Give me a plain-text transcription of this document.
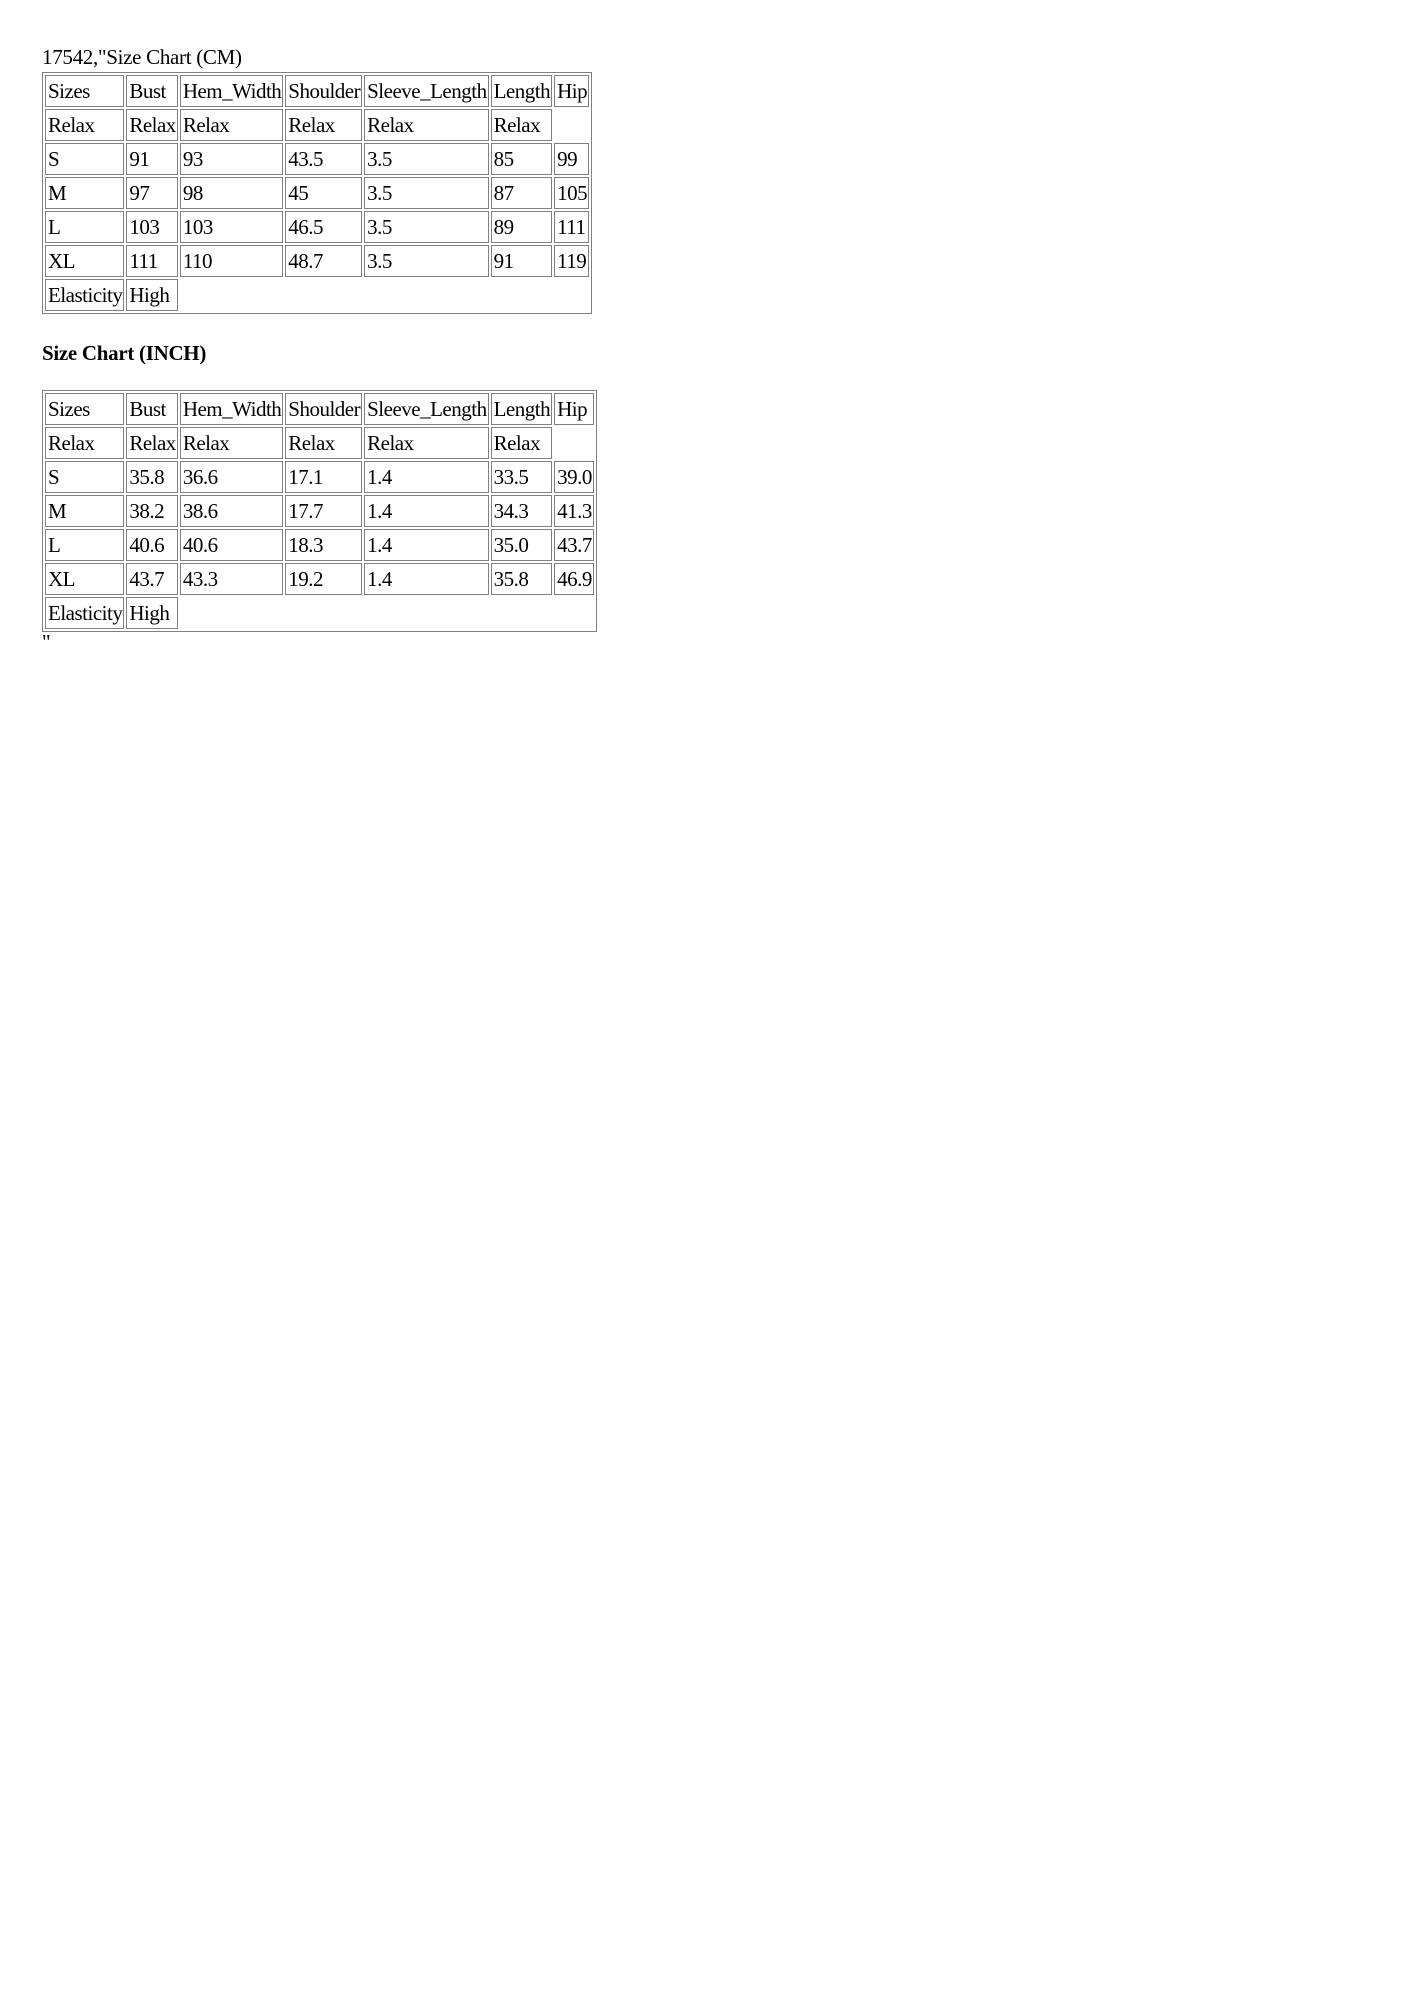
17542,"Size Chart (CM)
Sizes	Bust	Hem_Width	Shoulder	Sleeve_Length	Length	Hip
Relax	Relax	Relax	Relax	Relax	Relax	
S	91	93	43.5	3.5	85	99
M	97	98	45	3.5	87	105
L	103	103	46.5	3.5	89	111
XL	111	110	48.7	3.5	91	119
Elasticity	High					
Size Chart (INCH)
Sizes	Bust	Hem_Width	Shoulder	Sleeve_Length	Length	Hip
Relax	Relax	Relax	Relax	Relax	Relax	
S	35.8	36.6	17.1	1.4	33.5	39.0
M	38.2	38.6	17.7	1.4	34.3	41.3
L	40.6	40.6	18.3	1.4	35.0	43.7
XL	43.7	43.3	19.2	1.4	35.8	46.9
Elasticity	High					
"
